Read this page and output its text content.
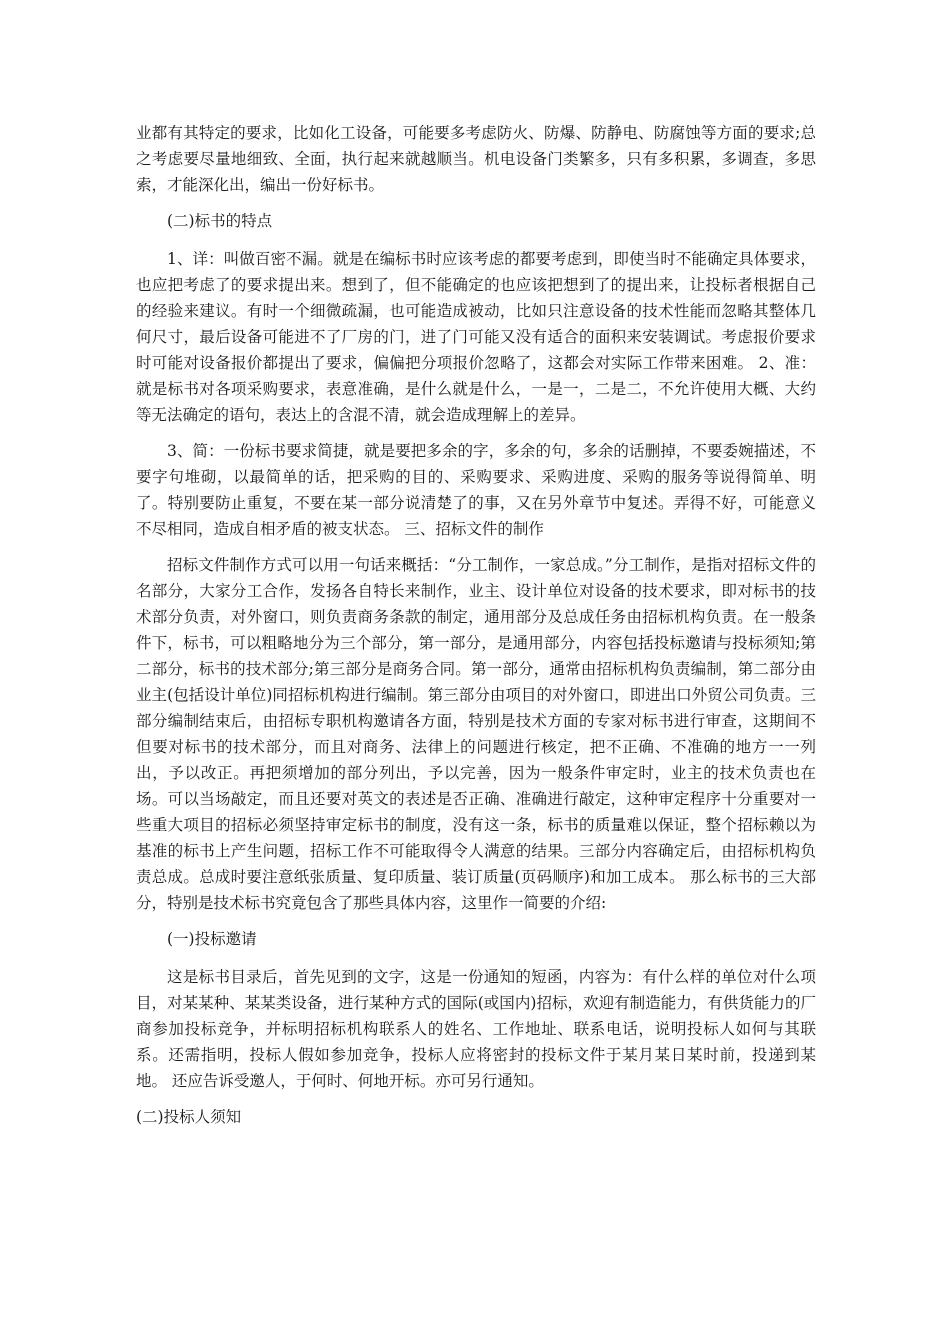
业都有其特定的要求，比如化工设备，可能要多考虑防火、防爆、防静电、防腐蚀等方面的要求;总之考虑要尽量地细致、全面，执行起来就越顺当。机电设备门类繁多，只有多积累，多调查，多思索，才能深化出，编出一份好标书。

(二)标书的特点

1、详：叫做百密不漏。就是在编标书时应该考虑的都要考虑到，即使当时不能确定具体要求，也应把考虑了的要求提出来。想到了，但不能确定的也应该把想到了的提出来，让投标者根据自己的经验来建议。有时一个细微疏漏，也可能造成被动，比如只注意设备的技术性能而忽略其整体几何尺寸，最后设备可能进不了厂房的门，进了门可能又没有适合的面积来安装调试。考虑报价要求时可能对设备报价都提出了要求，偏偏把分项报价忽略了，这都会对实际工作带来困难。 2、准：就是标书对各项采购要求，表意准确，是什么就是什么，一是一，二是二，不允许使用大概、大约等无法确定的语句，表达上的含混不清，就会造成理解上的差异。

3、简：一份标书要求简捷，就是要把多余的字，多余的句，多余的话删掉，不要委婉描述，不要字句堆砌，以最简单的话，把采购的目的、采购要求、采购进度、采购的服务等说得简单、明了。特别要防止重复，不要在某一部分说清楚了的事，又在另外章节中复述。弄得不好，可能意义不尽相同，造成自相矛盾的被支状态。 三、招标文件的制作

招标文件制作方式可以用一句话来概括：“分工制作，一家总成。”分工制作，是指对招标文件的名部分，大家分工合作，发扬各自特长来制作，业主、设计单位对设备的技术要求，即对标书的技术部分负责，对外窗口，则负责商务条款的制定，通用部分及总成任务由招标机构负责。在一般条件下，标书，可以粗略地分为三个部分，第一部分，是通用部分，内容包括投标邀请与投标须知;第二部分，标书的技术部分;第三部分是商务合同。第一部分，通常由招标机构负责编制，第二部分由业主(包括设计单位)同招标机构进行编制。第三部分由项目的对外窗口，即进出口外贸公司负责。三部分编制结束后，由招标专职机构邀请各方面，特别是技术方面的专家对标书进行审查，这期间不但要对标书的技术部分，而且对商务、法律上的问题进行核定，把不正确、不准确的地方一一列出，予以改正。再把须增加的部分列出，予以完善，因为一般条件审定时，业主的技术负责也在场。可以当场敲定，而且还要对英文的表述是否正确、准确进行敲定，这种审定程序十分重要对一些重大项目的招标必须坚持审定标书的制度，没有这一条，标书的质量难以保证，整个招标赖以为基准的标书上产生问题，招标工作不可能取得令人满意的结果。三部分内容确定后，由招标机构负责总成。总成时要注意纸张质量、复印质量、装订质量(页码顺序)和加工成本。 那么标书的三大部分，特别是技术标书究竟包含了那些具体内容，这里作一简要的介绍:

(一)投标邀请

这是标书目录后，首先见到的文字，这是一份通知的短函，内容为：有什么样的单位对什么项目，对某某种、某某类设备，进行某种方式的国际(或国内)招标，欢迎有制造能力，有供货能力的厂商参加投标竞争，并标明招标机构联系人的姓名、工作地址、联系电话，说明投标人如何与其联系。还需指明，投标人假如参加竞争，投标人应将密封的投标文件于某月某日某时前，投递到某地。 还应告诉受邀人，于何时、何地开标。亦可另行通知。

(二)投标人须知
